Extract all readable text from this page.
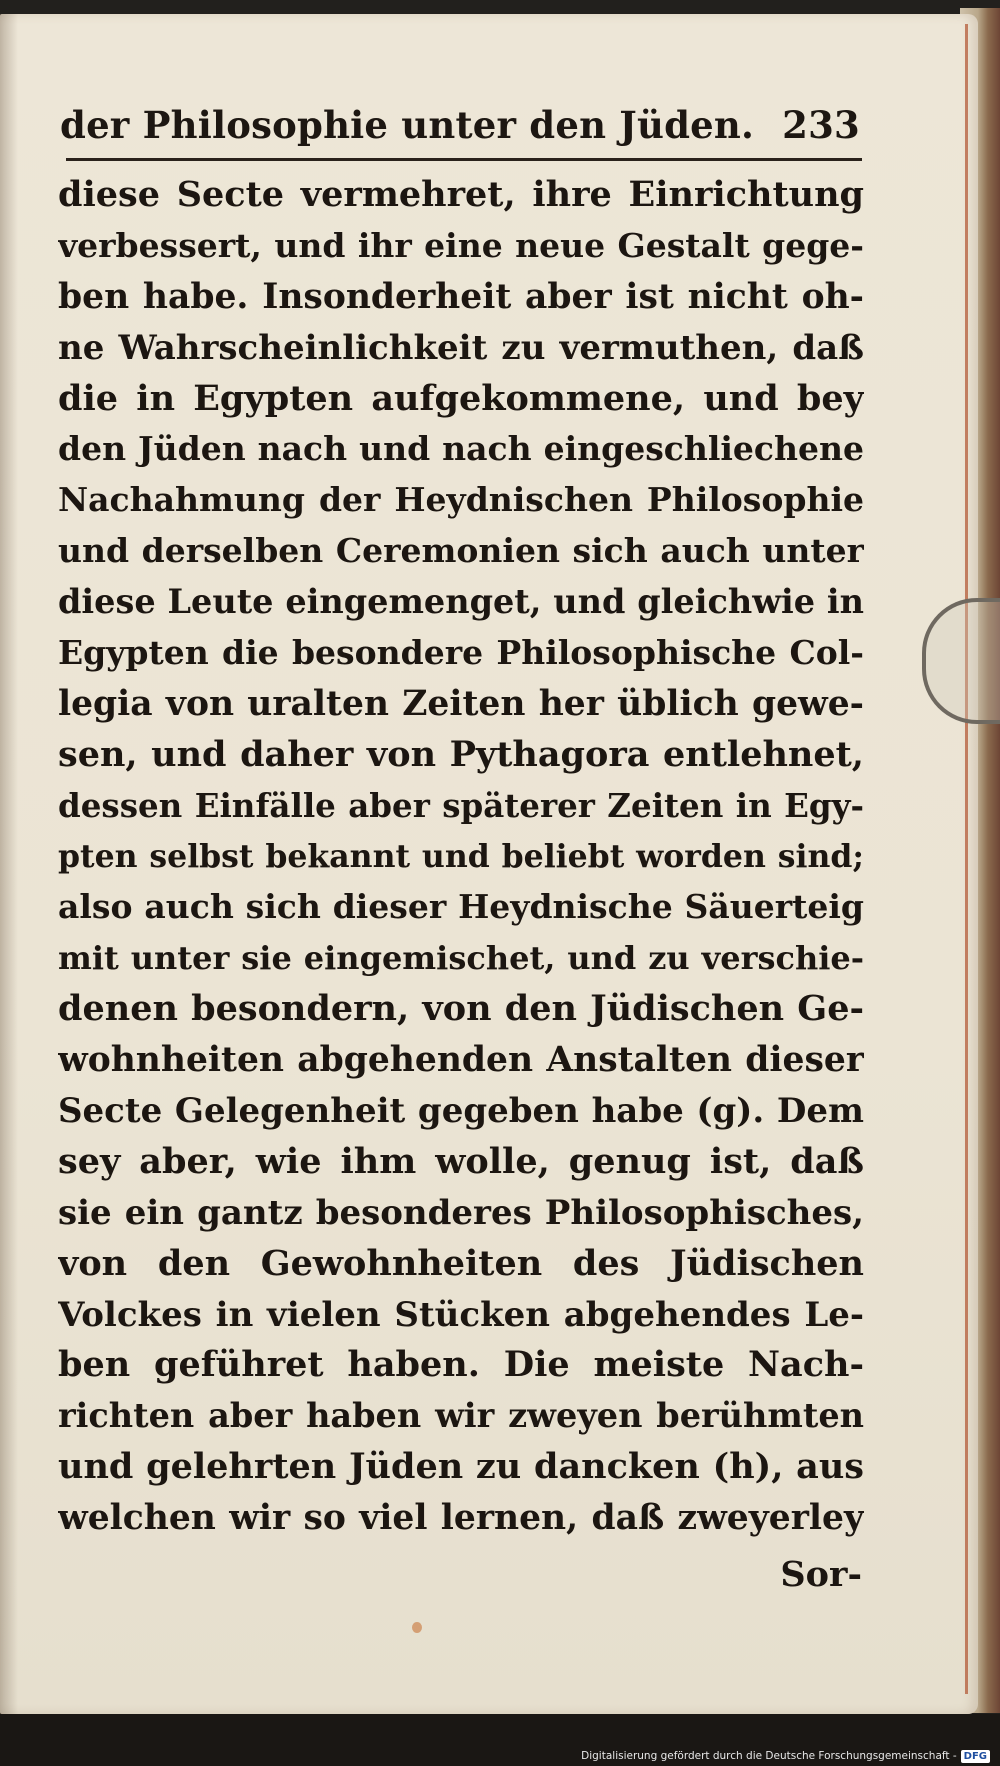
der Philosophie unter den Jüden. 233
diese Secte vermehret, ihre Einrichtung
verbessert, und ihr eine neue Gestalt gege-
ben habe. Insonderheit aber ist nicht oh-
ne Wahrscheinlichkeit zu vermuthen, daß
die in Egypten aufgekommene, und bey
den Jüden nach und nach eingeschliechene
Nachahmung der Heydnischen Philosophie
und derselben Ceremonien sich auch unter
diese Leute eingemenget, und gleichwie in
Egypten die besondere Philosophische Col-
legia von uralten Zeiten her üblich gewe-
sen, und daher von Pythagora entlehnet,
dessen Einfälle aber späterer Zeiten in Egy-
pten selbst bekannt und beliebt worden sind;
also auch sich dieser Heydnische Säuerteig
mit unter sie eingemischet, und zu verschie-
denen besondern, von den Jüdischen Ge-
wohnheiten abgehenden Anstalten dieser
Secte Gelegenheit gegeben habe (g). Dem
sey aber, wie ihm wolle, genug ist, daß
sie ein gantz besonderes Philosophisches,
von den Gewohnheiten des Jüdischen
Volckes in vielen Stücken abgehendes Le-
ben geführet haben. Die meiste Nach-
richten aber haben wir zweyen berühmten
und gelehrten Jüden zu dancken (h), aus
welchen wir so viel lernen, daß zweyerley
Sor-
Digitalisierung gefördert durch die Deutsche Forschungsgemeinschaft - DFG
